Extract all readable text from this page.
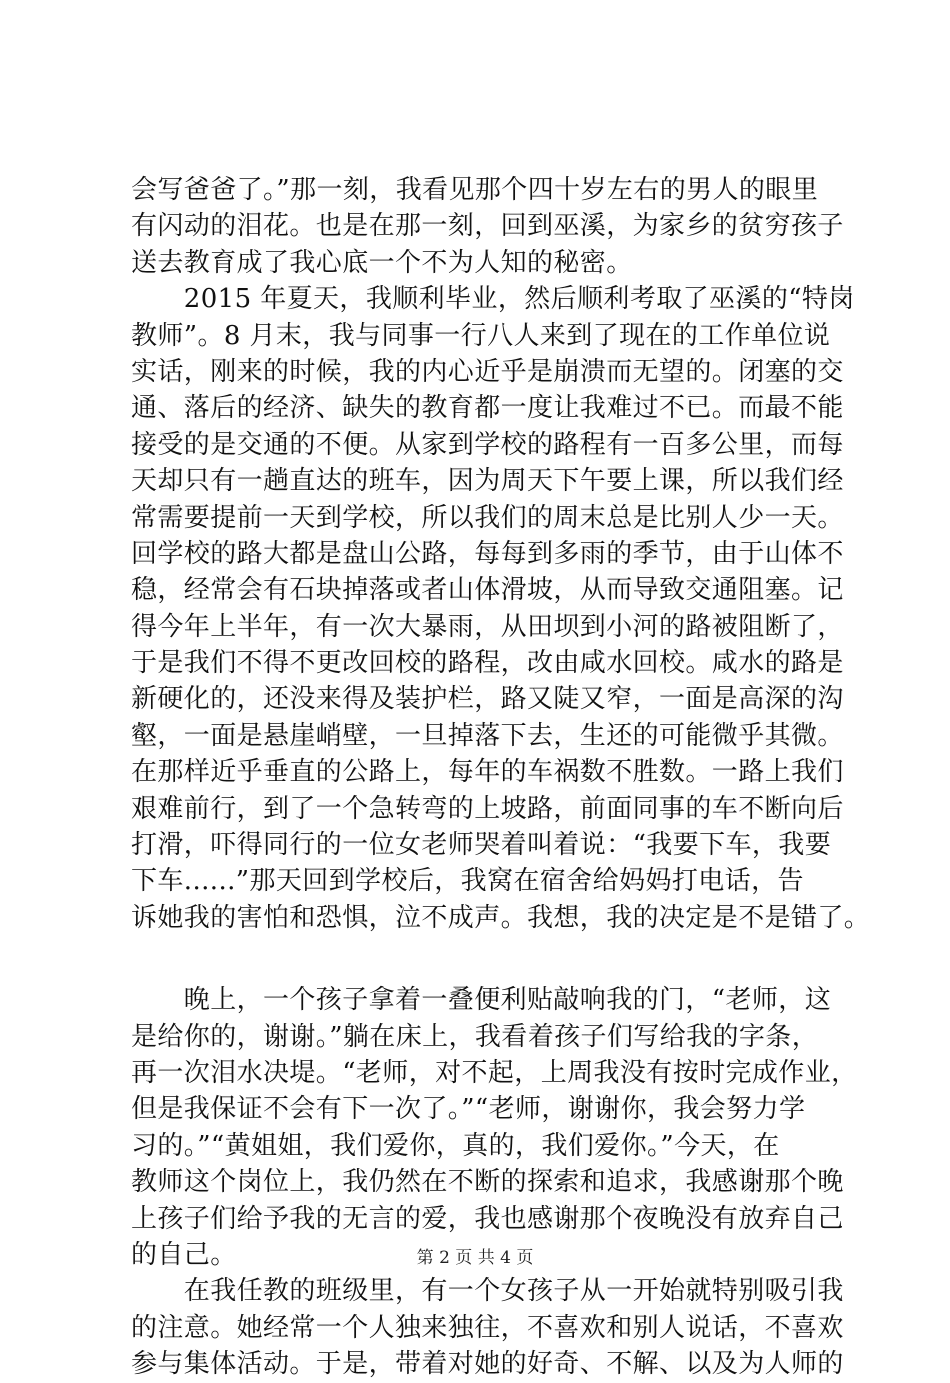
会写爸爸了。”那一刻，我看见那个四十岁左右的男人的眼里
有闪动的泪花。也是在那一刻，回到巫溪，为家乡的贫穷孩子
送去教育成了我心底一个不为人知的秘密。
　　2015 年夏天，我顺利毕业，然后顺利考取了巫溪的“特岗
教师”。8 月末，我与同事一行八人来到了现在的工作单位说
实话，刚来的时候，我的内心近乎是崩溃而无望的。闭塞的交
通、落后的经济、缺失的教育都一度让我难过不已。而最不能
接受的是交通的不便。从家到学校的路程有一百多公里，而每
天却只有一趟直达的班车，因为周天下午要上课，所以我们经
常需要提前一天到学校，所以我们的周末总是比别人少一天。
回学校的路大都是盘山公路，每每到多雨的季节，由于山体不
稳，经常会有石块掉落或者山体滑坡，从而导致交通阻塞。记
得今年上半年，有一次大暴雨，从田坝到小河的路被阻断了，
于是我们不得不更改回校的路程，改由咸水回校。咸水的路是
新硬化的，还没来得及装护栏，路又陡又窄，一面是高深的沟
壑，一面是悬崖峭壁，一旦掉落下去，生还的可能微乎其微。
在那样近乎垂直的公路上，每年的车祸数不胜数。一路上我们
艰难前行，到了一个急转弯的上坡路，前面同事的车不断向后
打滑，吓得同行的一位女老师哭着叫着说：“我要下车，我要
下车......”那天回到学校后，我窝在宿舍给妈妈打电话，告
诉她我的害怕和恐惧，泣不成声。我想，我的决定是不是错了。
　　晚上，一个孩子拿着一叠便利贴敲响我的门，“老师，这
是给你的，谢谢。”躺在床上，我看着孩子们写给我的字条，
再一次泪水决堤。“老师，对不起，上周我没有按时完成作业，
但是我保证不会有下一次了。”“老师，谢谢你，我会努力学
习的。”“黄姐姐，我们爱你，真的，我们爱你。”今天，在
教师这个岗位上，我仍然在不断的探索和追求，我感谢那个晚
上孩子们给予我的无言的爱，我也感谢那个夜晚没有放弃自己
的自己。
　　在我任教的班级里，有一个女孩子从一开始就特别吸引我
的注意。她经常一个人独来独往，不喜欢和别人说话，不喜欢
参与集体活动。于是，带着对她的好奇、不解、以及为人师的
第 2 页 共 4 页
